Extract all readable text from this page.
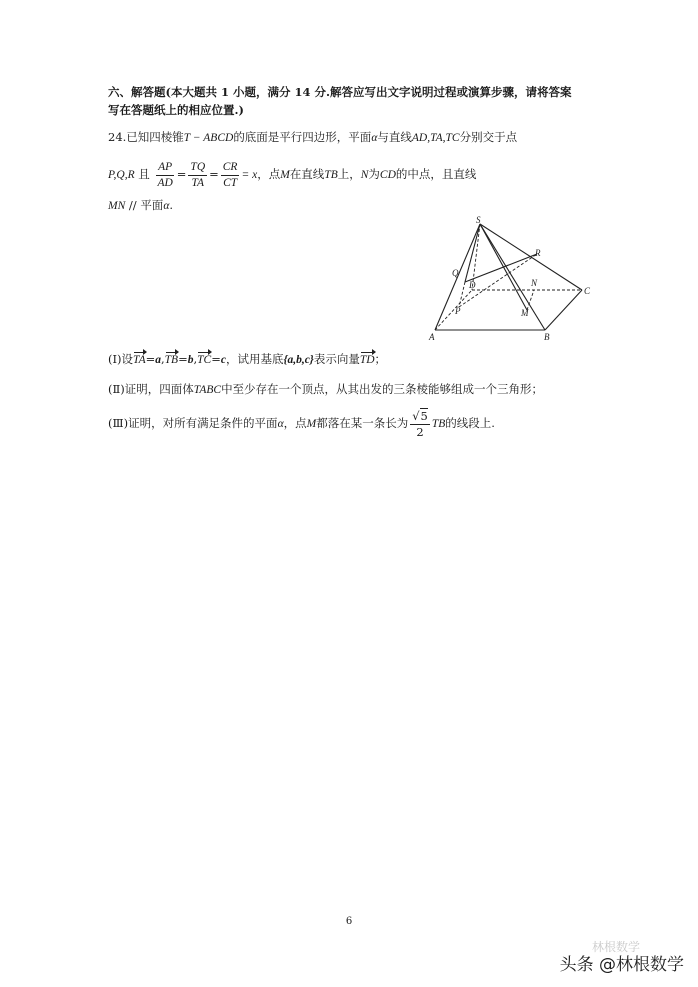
六、解答题(本大题共 1 小题，满分 14 分.解答应写出文字说明过程或演算步骤，请将答案
写在答题纸上的相应位置.)
24.已知四棱锥T − ABCD的底面是平行四边形，平面α与直线AD,TA,TC分别交于点
P,Q,R 且 $\frac{AP}{AD} = \frac{TQ}{TA} = \frac{CR}{CT} = x$，点M在直线TB上，N为CD的中点，且直线
MN // 平面α.
S
R
Q
D	N
C
P	M
A	B
(Ⅰ)设TA=a,TB=b,TC=c，试用基底{a,b,c}表示向量TD；
(Ⅱ)证明，四面体TABC中至少存在一个顶点，从其出发的三条棱能够组成一个三角形；
(Ⅲ)证明，对所有满足条件的平面α，点M都落在某一条长为 $\frac{√5}{2}$ TB的线段上.
6
林根数学
头条 @林根数学
